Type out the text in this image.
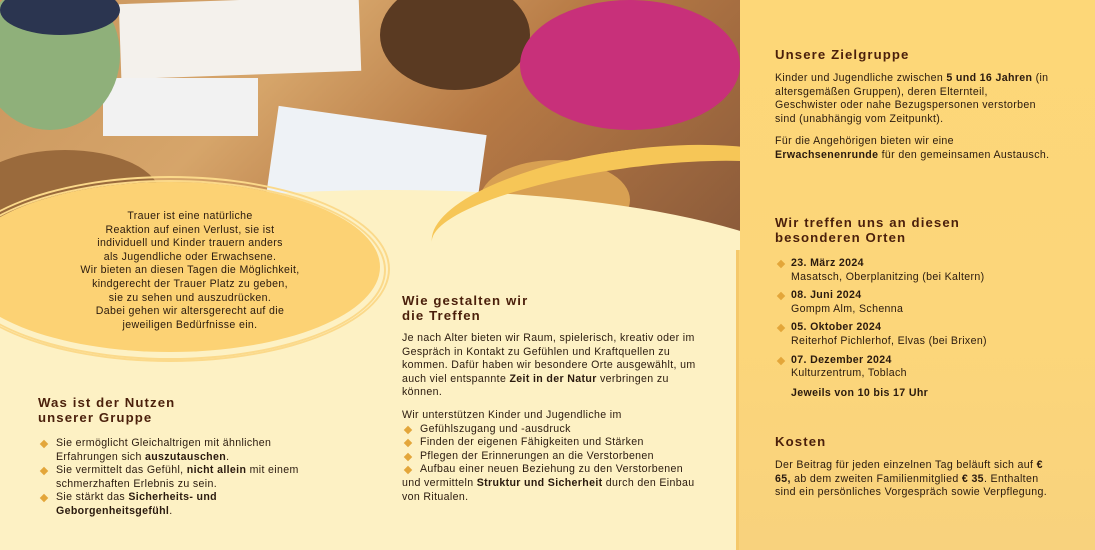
Trauer ist eine natürliche

Reaktion auf einen Verlust, sie ist

individuell und Kinder trauern anders

als Jugendliche oder Erwachsene.

Wir bieten an diesen Tagen die Möglichkeit,

kindgerecht der Trauer Platz zu geben,

sie zu sehen und auszudrücken.

Dabei gehen wir altersgerecht auf die

jeweiligen Bedürfnisse ein.

Was ist der Nutzen
unserer Gruppe
Sie ermöglicht Gleichaltrigen mit ähnlichen Erfahrungen sich auszutauschen.
Sie vermittelt das Gefühl, nicht allein mit einem schmerzhaften Erlebnis zu sein.
Sie stärkt das Sicherheits- und Geborgenheitsgefühl.
Wie gestalten wir
die Treffen

Je nach Alter bieten wir Raum, spielerisch, kreativ oder im Gespräch in Kontakt zu Gefühlen und Kraftquellen zu kommen. Dafür haben wir besondere Orte ausgewählt, um auch viel entspannte Zeit in der Natur verbringen zu können.

Wir unterstützen Kinder und Jugendliche im

Gefühlszugang und -ausdruck
Finden der eigenen Fähigkeiten und Stärken
Pflegen der Erinnerungen an die Verstorbenen
Aufbau einer neuen Beziehung zu den Verstorbenen

und vermitteln Struktur und Sicherheit durch den Einbau von Ritualen.

Unsere Zielgruppe

Kinder und Jugendliche zwischen 5 und 16 Jahren (in altersgemäßen Gruppen), deren Elternteil, Geschwister oder nahe Bezugspersonen verstorben sind (unabhängig vom Zeitpunkt).

Für die Angehörigen bieten wir eine Erwachsenenrunde für den gemeinsamen Austausch.

Wir treffen uns an diesen
besonderen Orten
23. März 2024
Masatsch, Oberplanitzing (bei Kaltern)
08. Juni 2024
Gompm Alm, Schenna
05. Oktober 2024
Reiterhof Pichlerhof, Elvas (bei Brixen)
07. Dezember 2024
Kulturzentrum, Toblach

Jeweils von 10 bis 17 Uhr

Kosten

Der Beitrag für jeden einzelnen Tag beläuft sich auf € 65, ab dem zweiten Familienmitglied € 35. Enthalten sind ein persönliches Vorgespräch sowie Verpflegung.
